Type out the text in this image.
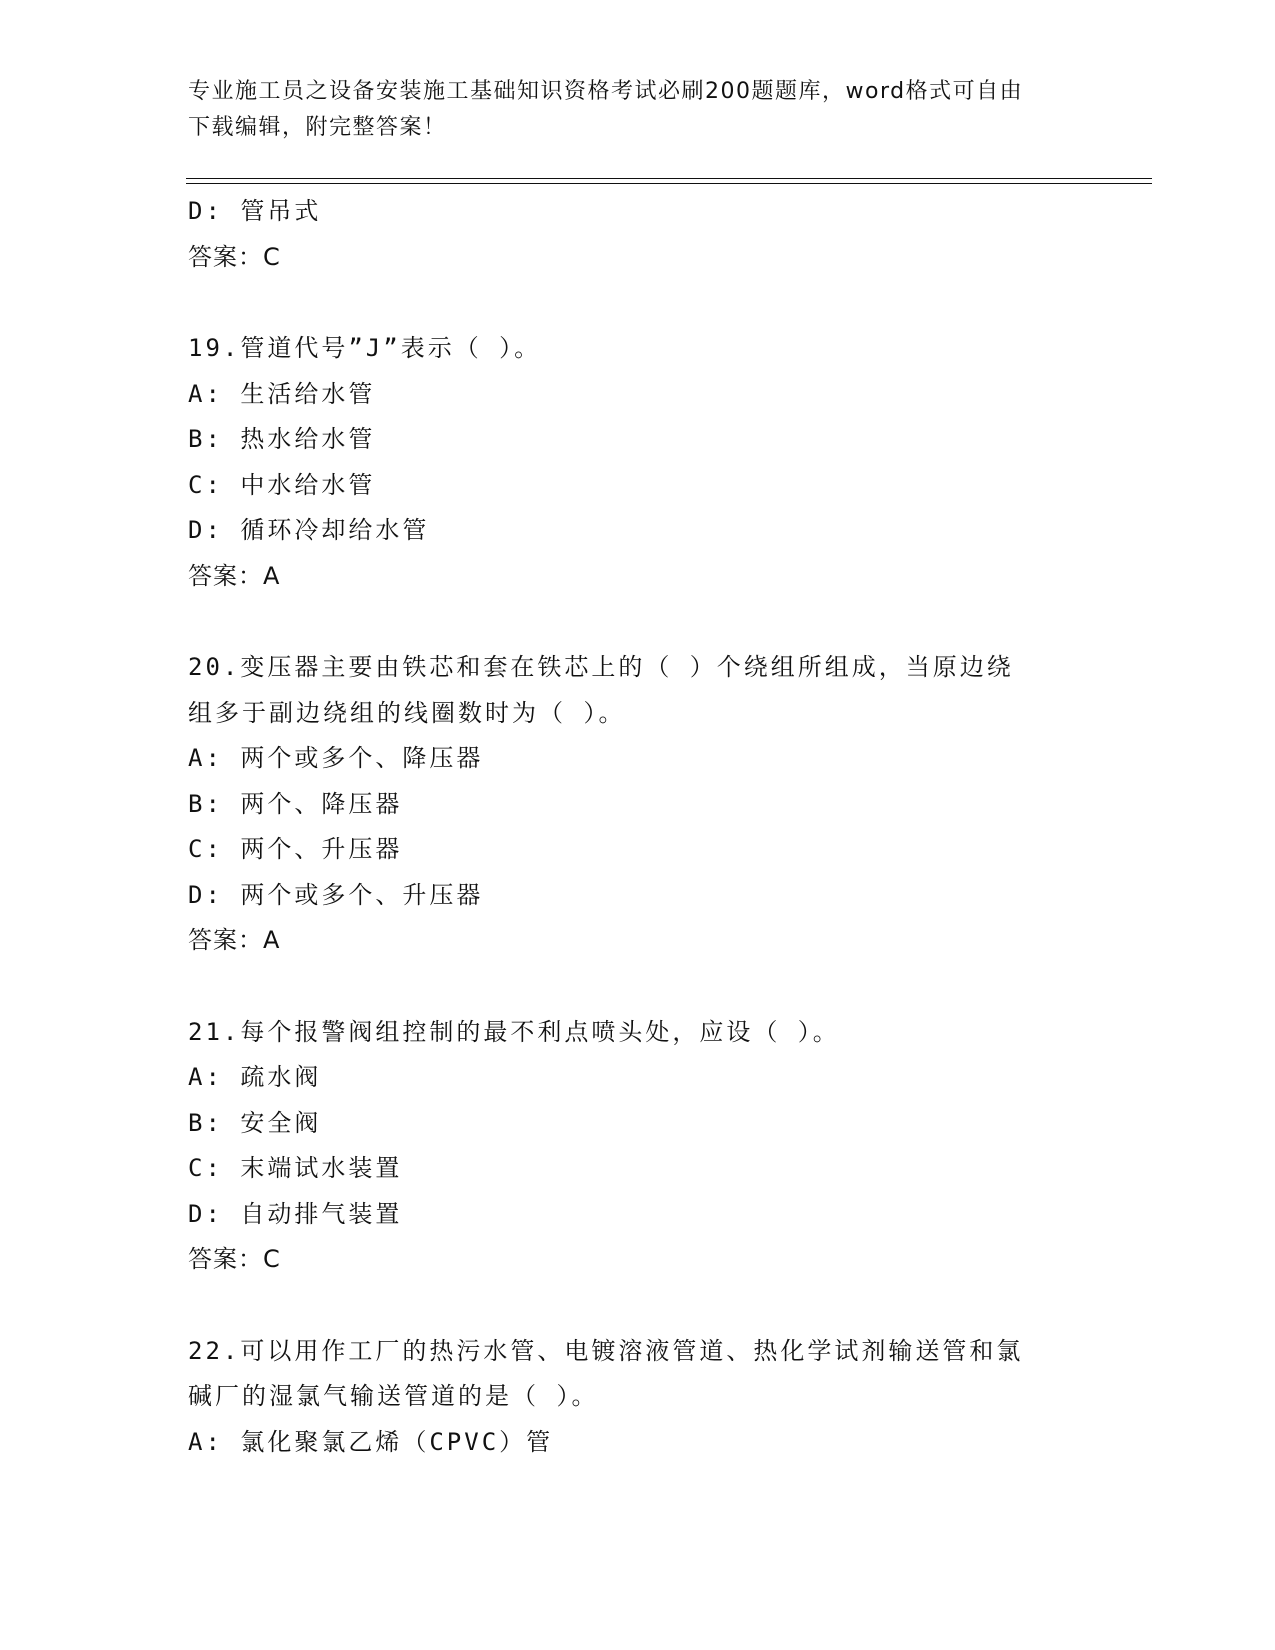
专业施工员之设备安装施工基础知识资格考试必刷200题题库，word格式可自由
下载编辑，附完整答案！
D: 管吊式
答案：C
19.管道代号”J”表示（ ）。
A: 生活给水管
B: 热水给水管
C: 中水给水管
D: 循环冷却给水管
答案：A
20.变压器主要由铁芯和套在铁芯上的（ ）个绕组所组成，当原边绕
组多于副边绕组的线圈数时为（ ）。
A: 两个或多个、降压器
B: 两个、降压器
C: 两个、升压器
D: 两个或多个、升压器
答案：A
21.每个报警阀组控制的最不利点喷头处，应设（ ）。
A: 疏水阀
B: 安全阀
C: 末端试水装置
D: 自动排气装置
答案：C
22.可以用作工厂的热污水管、电镀溶液管道、热化学试剂输送管和氯
碱厂的湿氯气输送管道的是（ ）。
A: 氯化聚氯乙烯（CPVC）管
